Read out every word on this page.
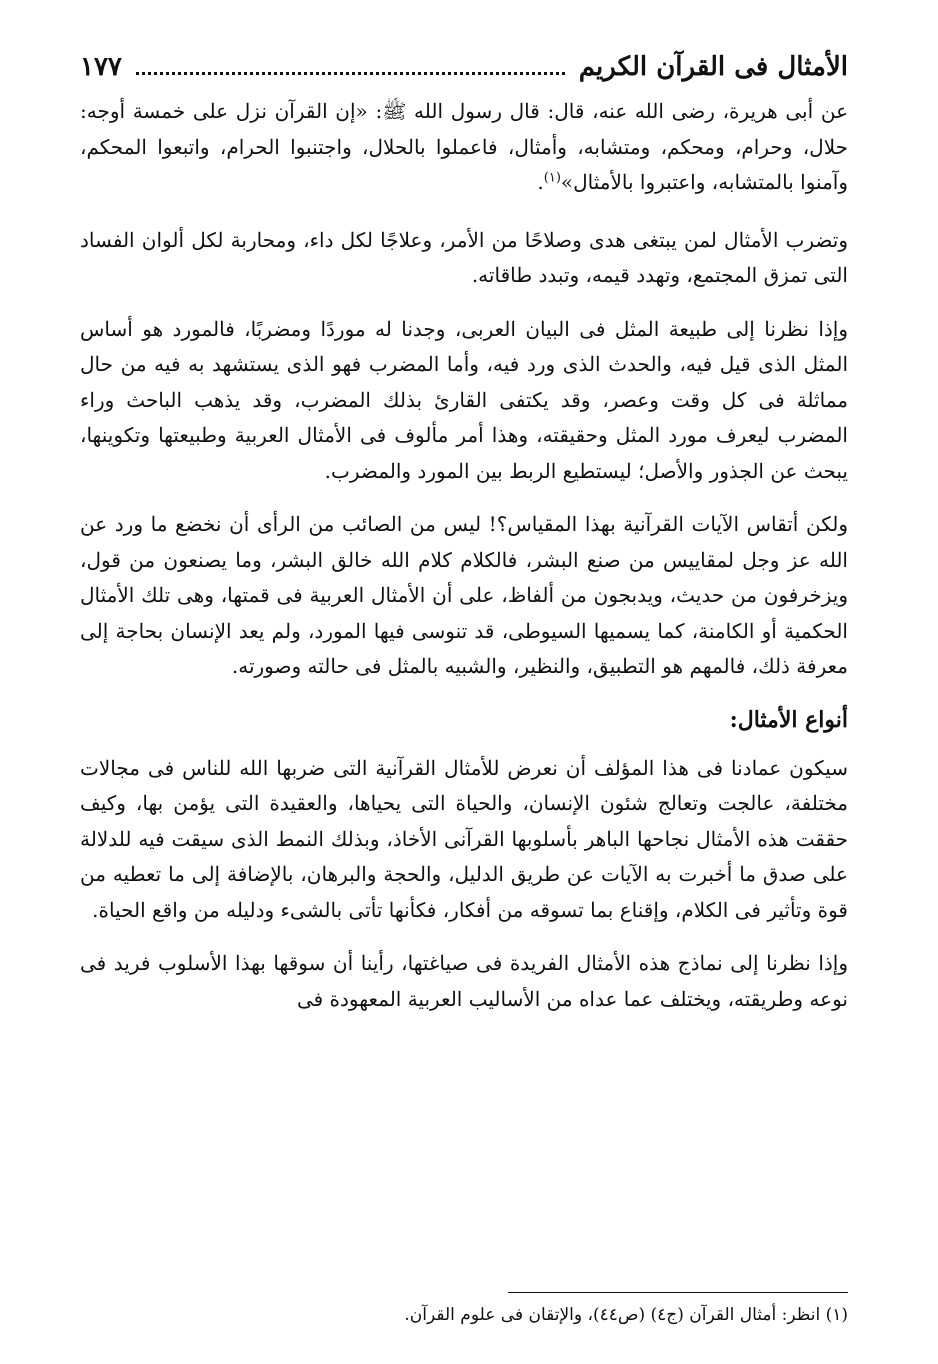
الأمثال فى القرآن الكريم
١٧٧

عن أبى هريرة، رضى الله عنه، قال: قال رسول الله ﷺ: «إن القرآن نزل على خمسة أوجه: حلال، وحرام، ومحكم، ومتشابه، وأمثال، فاعملوا بالحلال، واجتنبوا الحرام، واتبعوا المحكم، وآمنوا بالمتشابه، واعتبروا بالأمثال»$^{(١)}$.

وتضرب الأمثال لمن يبتغى هدى وصلاحًا من الأمر، وعلاجًا لكل داء، ومحاربة لكل ألوان الفساد التى تمزق المجتمع، وتهدد قيمه، وتبدد طاقاته.

وإذا نظرنا إلى طبيعة المثل فى البيان العربى، وجدنا له موردًا ومضربًا، فالمورد هو أساس المثل الذى قيل فيه، والحدث الذى ورد فيه، وأما المضرب فهو الذى يستشهد به فيه من حال مماثلة فى كل وقت وعصر، وقد يكتفى القارئ بذلك المضرب، وقد يذهب الباحث وراء المضرب ليعرف مورد المثل وحقيقته، وهذا أمر مألوف فى الأمثال العربية وطبيعتها وتكوينها، يبحث عن الجذور والأصل؛ ليستطيع الربط بين المورد والمضرب.

ولكن أتقاس الآيات القرآنية بهذا المقياس؟! ليس من الصائب من الرأى أن نخضع ما ورد عن الله عز وجل لمقاييس من صنع البشر، فالكلام كلام الله خالق البشر، وما يصنعون من قول، ويزخرفون من حديث، ويدبجون من ألفاظ، على أن الأمثال العربية فى قمتها، وهى تلك الأمثال الحكمية أو الكامنة، كما يسميها السيوطى، قد تنوسى فيها المورد، ولم يعد الإنسان بحاجة إلى معرفة ذلك، فالمهم هو التطبيق، والنظير، والشبيه بالمثل فى حالته وصورته.

أنواع الأمثال:

سيكون عمادنا فى هذا المؤلف أن نعرض للأمثال القرآنية التى ضربها الله للناس فى مجالات مختلفة، عالجت وتعالج شئون الإنسان، والحياة التى يحياها، والعقيدة التى يؤمن بها، وكيف حققت هذه الأمثال نجاحها الباهر بأسلوبها القرآنى الأخاذ، وبذلك النمط الذى سيقت فيه للدلالة على صدق ما أخبرت به الآيات عن طريق الدليل، والحجة والبرهان، بالإضافة إلى ما تعطيه من قوة وتأثير فى الكلام، وإقناع بما تسوقه من أفكار، فكأنها تأتى بالشىء ودليله من واقع الحياة.

وإذا نظرنا إلى نماذج هذه الأمثال الفريدة فى صياغتها، رأينا أن سوقها بهذا الأسلوب فريد فى نوعه وطريقته، ويختلف عما عداه من الأساليب العربية المعهودة فى

(١) انظر: أمثال القرآن (ج٤) (ص٤٤)، والإتقان فى علوم القرآن.
